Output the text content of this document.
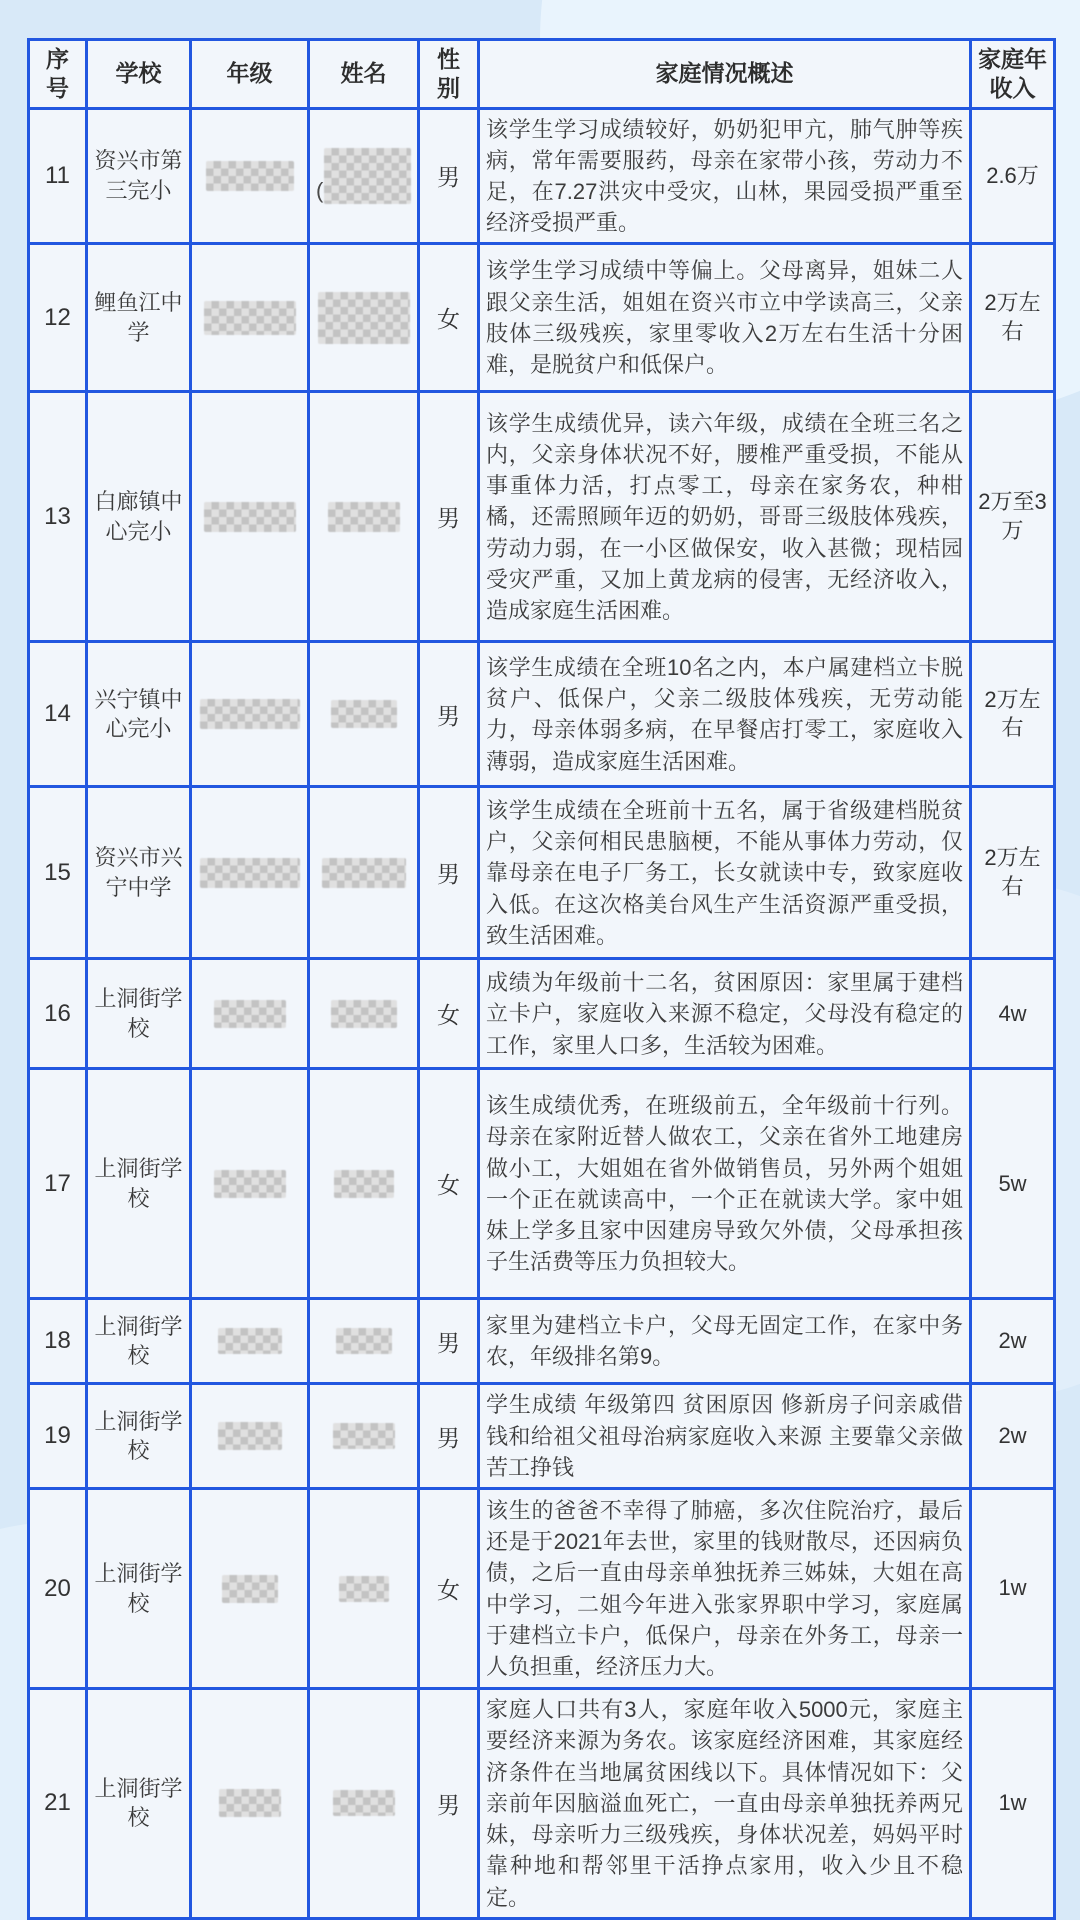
序号	学校	年级	姓名	性别	家庭情况概述	家庭年收入
11	资兴市第三完小		(	男	该学生学习成绩较好，奶奶犯甲亢，肺气肿等疾病，常年需要服药，母亲在家带小孩，劳动力不足，在7.27洪灾中受灾，山林，果园受损严重至经济受损严重。	2.6万
12	鲤鱼江中学			女	该学生学习成绩中等偏上。父母离异，姐妹二人跟父亲生活，姐姐在资兴市立中学读高三，父亲肢体三级残疾，家里零收入2万左右生活十分困难，是脱贫户和低保户。	2万左右
13	白廊镇中心完小			男	该学生成绩优异，读六年级，成绩在全班三名之内，父亲身体状况不好，腰椎严重受损，不能从事重体力活，打点零工，母亲在家务农，种柑橘，还需照顾年迈的奶奶，哥哥三级肢体残疾，劳动力弱，在一小区做保安，收入甚微；现桔园受灾严重，又加上黄龙病的侵害，无经济收入，造成家庭生活困难。	2万至3万
14	兴宁镇中心完小			男	该学生成绩在全班10名之内，本户属建档立卡脱贫户、低保户，父亲二级肢体残疾，无劳动能力，母亲体弱多病，在早餐店打零工，家庭收入薄弱，造成家庭生活困难。	2万左右
15	资兴市兴宁中学			男	该学生成绩在全班前十五名，属于省级建档脱贫户，父亲何相民患脑梗，不能从事体力劳动，仅靠母亲在电子厂务工，长女就读中专，致家庭收入低。在这次格美台风生产生活资源严重受损，致生活困难。	2万左右
16	上洞街学校			女	成绩为年级前十二名，贫困原因：家里属于建档立卡户，家庭收入来源不稳定，父母没有稳定的工作，家里人口多，生活较为困难。	4w
17	上洞街学校			女	该生成绩优秀，在班级前五，全年级前十行列。母亲在家附近替人做农工，父亲在省外工地建房做小工，大姐姐在省外做销售员，另外两个姐姐一个正在就读高中，一个正在就读大学。家中姐妹上学多且家中因建房导致欠外债，父母承担孩子生活费等压力负担较大。	5w
18	上洞街学校			男	家里为建档立卡户，父母无固定工作，在家中务农，年级排名第9。	2w
19	上洞街学校			男	学生成绩 年级第四 贫困原因 修新房子问亲戚借钱和给祖父祖母治病家庭收入来源 主要靠父亲做苦工挣钱	2w
20	上洞街学校			女	该生的爸爸不幸得了肺癌，多次住院治疗，最后还是于2021年去世，家里的钱财散尽，还因病负债，之后一直由母亲单独抚养三姊妹，大姐在高中学习，二姐今年进入张家界职中学习，家庭属于建档立卡户，低保户，母亲在外务工，母亲一人负担重，经济压力大。	1w
21	上洞街学校			男	家庭人口共有3人，家庭年收入5000元，家庭主要经济来源为务农。该家庭经济困难，其家庭经济条件在当地属贫困线以下。具体情况如下：父亲前年因脑溢血死亡，一直由母亲单独抚养两兄妹，母亲听力三级残疾，身体状况差，妈妈平时靠种地和帮邻里干活挣点家用，收入少且不稳定。	1w
